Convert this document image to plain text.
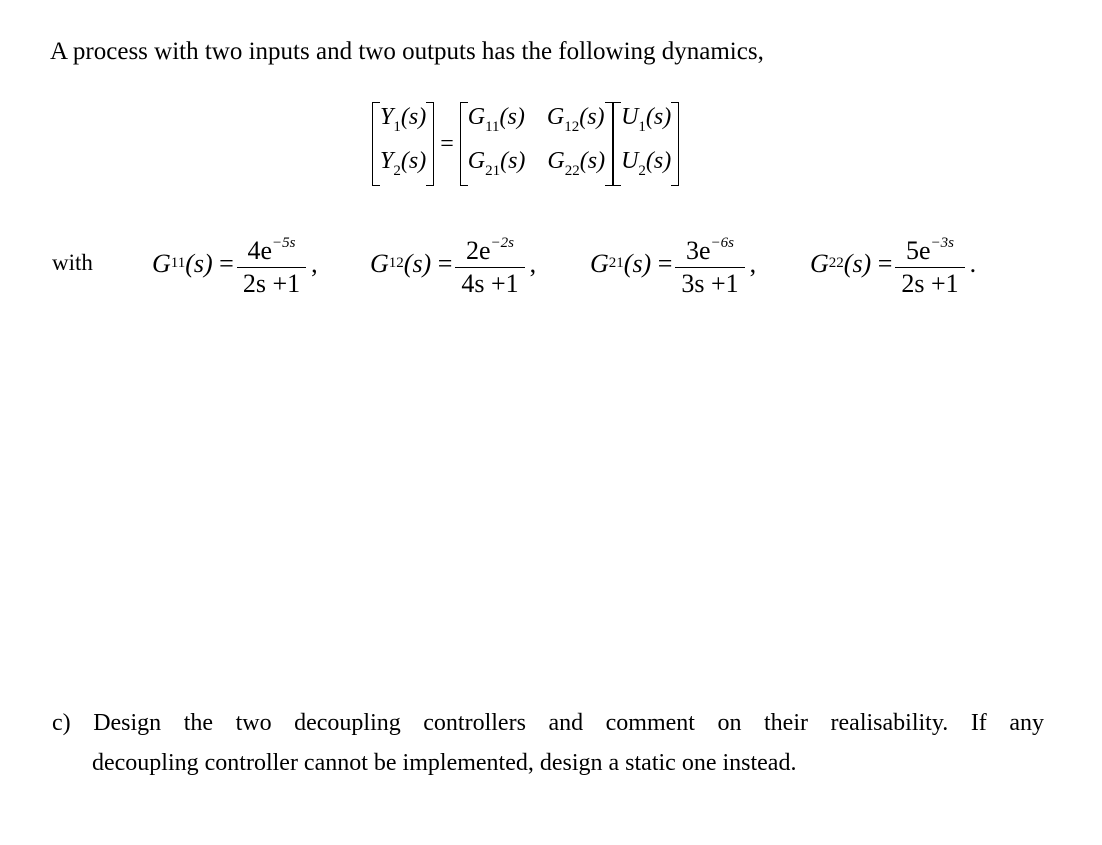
A process with two inputs and two outputs has the following dynamics,
$Y_1(s)$
$Y_2(s)$
=
$G_{11}(s)$ $G_{12}(s)$
$G_{21}(s)$ $G_{22}(s)$
$U_1(s)$
$U_2(s)$
with G 11 $(s) = \frac{4e^{-5s}}{2s +1}$ , G 12 $(s) = \frac{2e^{-2s}}{4s +1}$ , G 21 $(s) = \frac{3e^{-6s}}{3s +1}$ , G 22 $(s) = \frac{5e^{-3s}}{2s +1}$ .
c) Design the two decoupling controllers and comment on their realisability. If any
decoupling controller cannot be implemented, design a static one instead.
